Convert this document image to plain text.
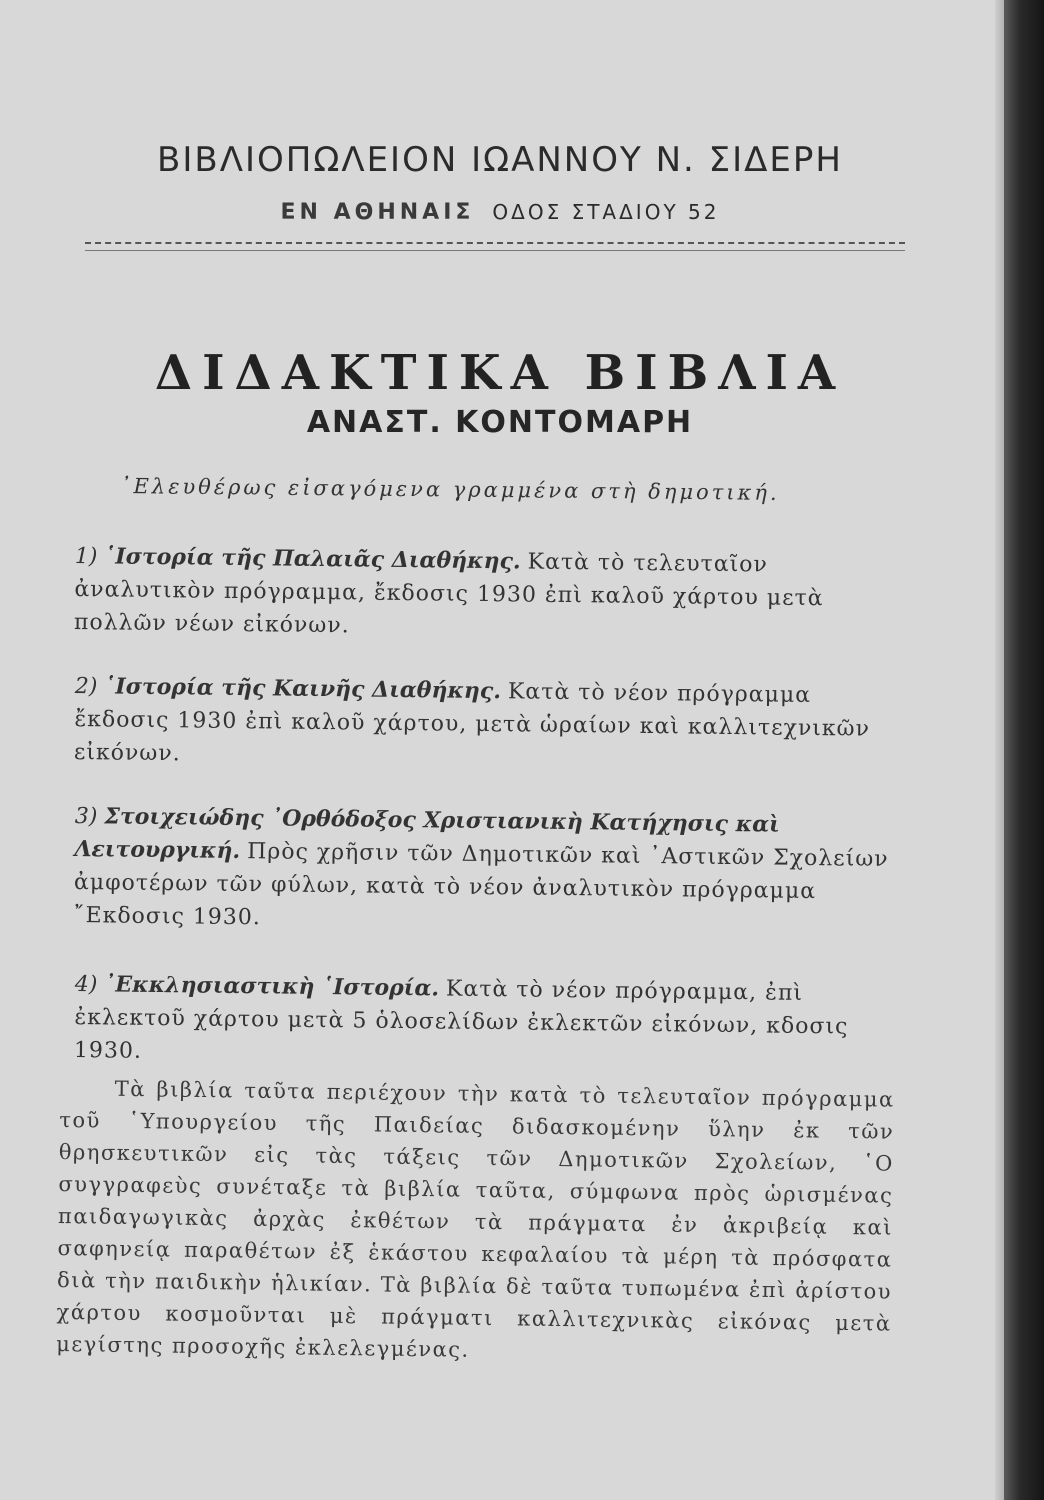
ΒΙΒΛΙΟΠΩΛΕΙΟΝ ΙΩΑΝΝΟΥ Ν. ΣΙΔΕΡΗ
ΕΝ ΑΘΗΝΑΙΣ ΟΔΟΣ ΣΤΑΔΙΟΥ 52
ΔΙΔΑΚΤΙΚΑ ΒΙΒΛΙΑ
ΑΝΑΣΤ. ΚΟΝΤΟΜΑΡΗ
᾿Ελευθέρως εἰσαγόμενα γραμμένα στὴ δημοτική.
1) ῾Ιστορία τῆς Παλαιᾶς Διαθήκης. Κατὰ τὸ τελευταῖον ἀναλυτικὸν πρόγραμμα, ἔκδοσις 1930 ἐπὶ καλοῦ χάρτου μετὰ πολλῶν νέων εἰκόνων.
2) ῾Ιστορία τῆς Καινῆς Διαθήκης. Κατὰ τὸ νέον πρόγραμμα ἔκδοσις 1930 ἐπὶ καλοῦ χάρτου, μετὰ ὡραίων καὶ καλλιτεχνικῶν εἰκόνων.
3) Στοιχειώδης ᾿Ορθόδοξος Χριστιανικὴ Κατήχησις καὶ Λειτουργική. Πρὸς χρῆσιν τῶν Δημοτικῶν καὶ ᾿Αστικῶν Σχολείων ἀμφοτέρων τῶν φύλων, κατὰ τὸ νέον ἀναλυτικὸν πρόγραμμα ῎Εκδοσις 1930.
4) ᾿Εκκλησιαστικὴ ῾Ιστορία. Κατὰ τὸ νέον πρόγραμμα, ἐπὶ ἐκλεκτοῦ χάρτου μετὰ 5 ὁλοσελίδων ἐκλεκτῶν εἰκόνων, κδοσις 1930.
Τὰ βιβλία ταῦτα περιέχουν τὴν κατὰ τὸ τελευταῖον πρόγραμμα τοῦ ῾Υπουργείου τῆς Παιδείας διδασκομένην ὕλην ἐκ τῶν θρησκευτικῶν εἰς τὰς τάξεις τῶν Δημοτικῶν Σχολείων, ῾Ο συγγραφεὺς συνέταξε τὰ βιβλία ταῦτα, σύμφωνα πρὸς ὡρισμένας παιδαγωγικὰς ἀρχὰς ἐκθέτων τὰ πράγματα ἐν ἀκριβείᾳ καὶ σαφηνείᾳ παραθέτων ἐξ ἑκάστου κεφαλαίου τὰ μέρη τὰ πρόσφατα διὰ τὴν παιδικὴν ἡλικίαν. Τὰ βιβλία δὲ ταῦτα τυπωμένα ἐπὶ ἀρίστου χάρτου κοσμοῦνται μὲ πράγματι καλλιτεχνικὰς εἰκόνας μετὰ μεγίστης προσοχῆς ἐκλελεγμένας.
